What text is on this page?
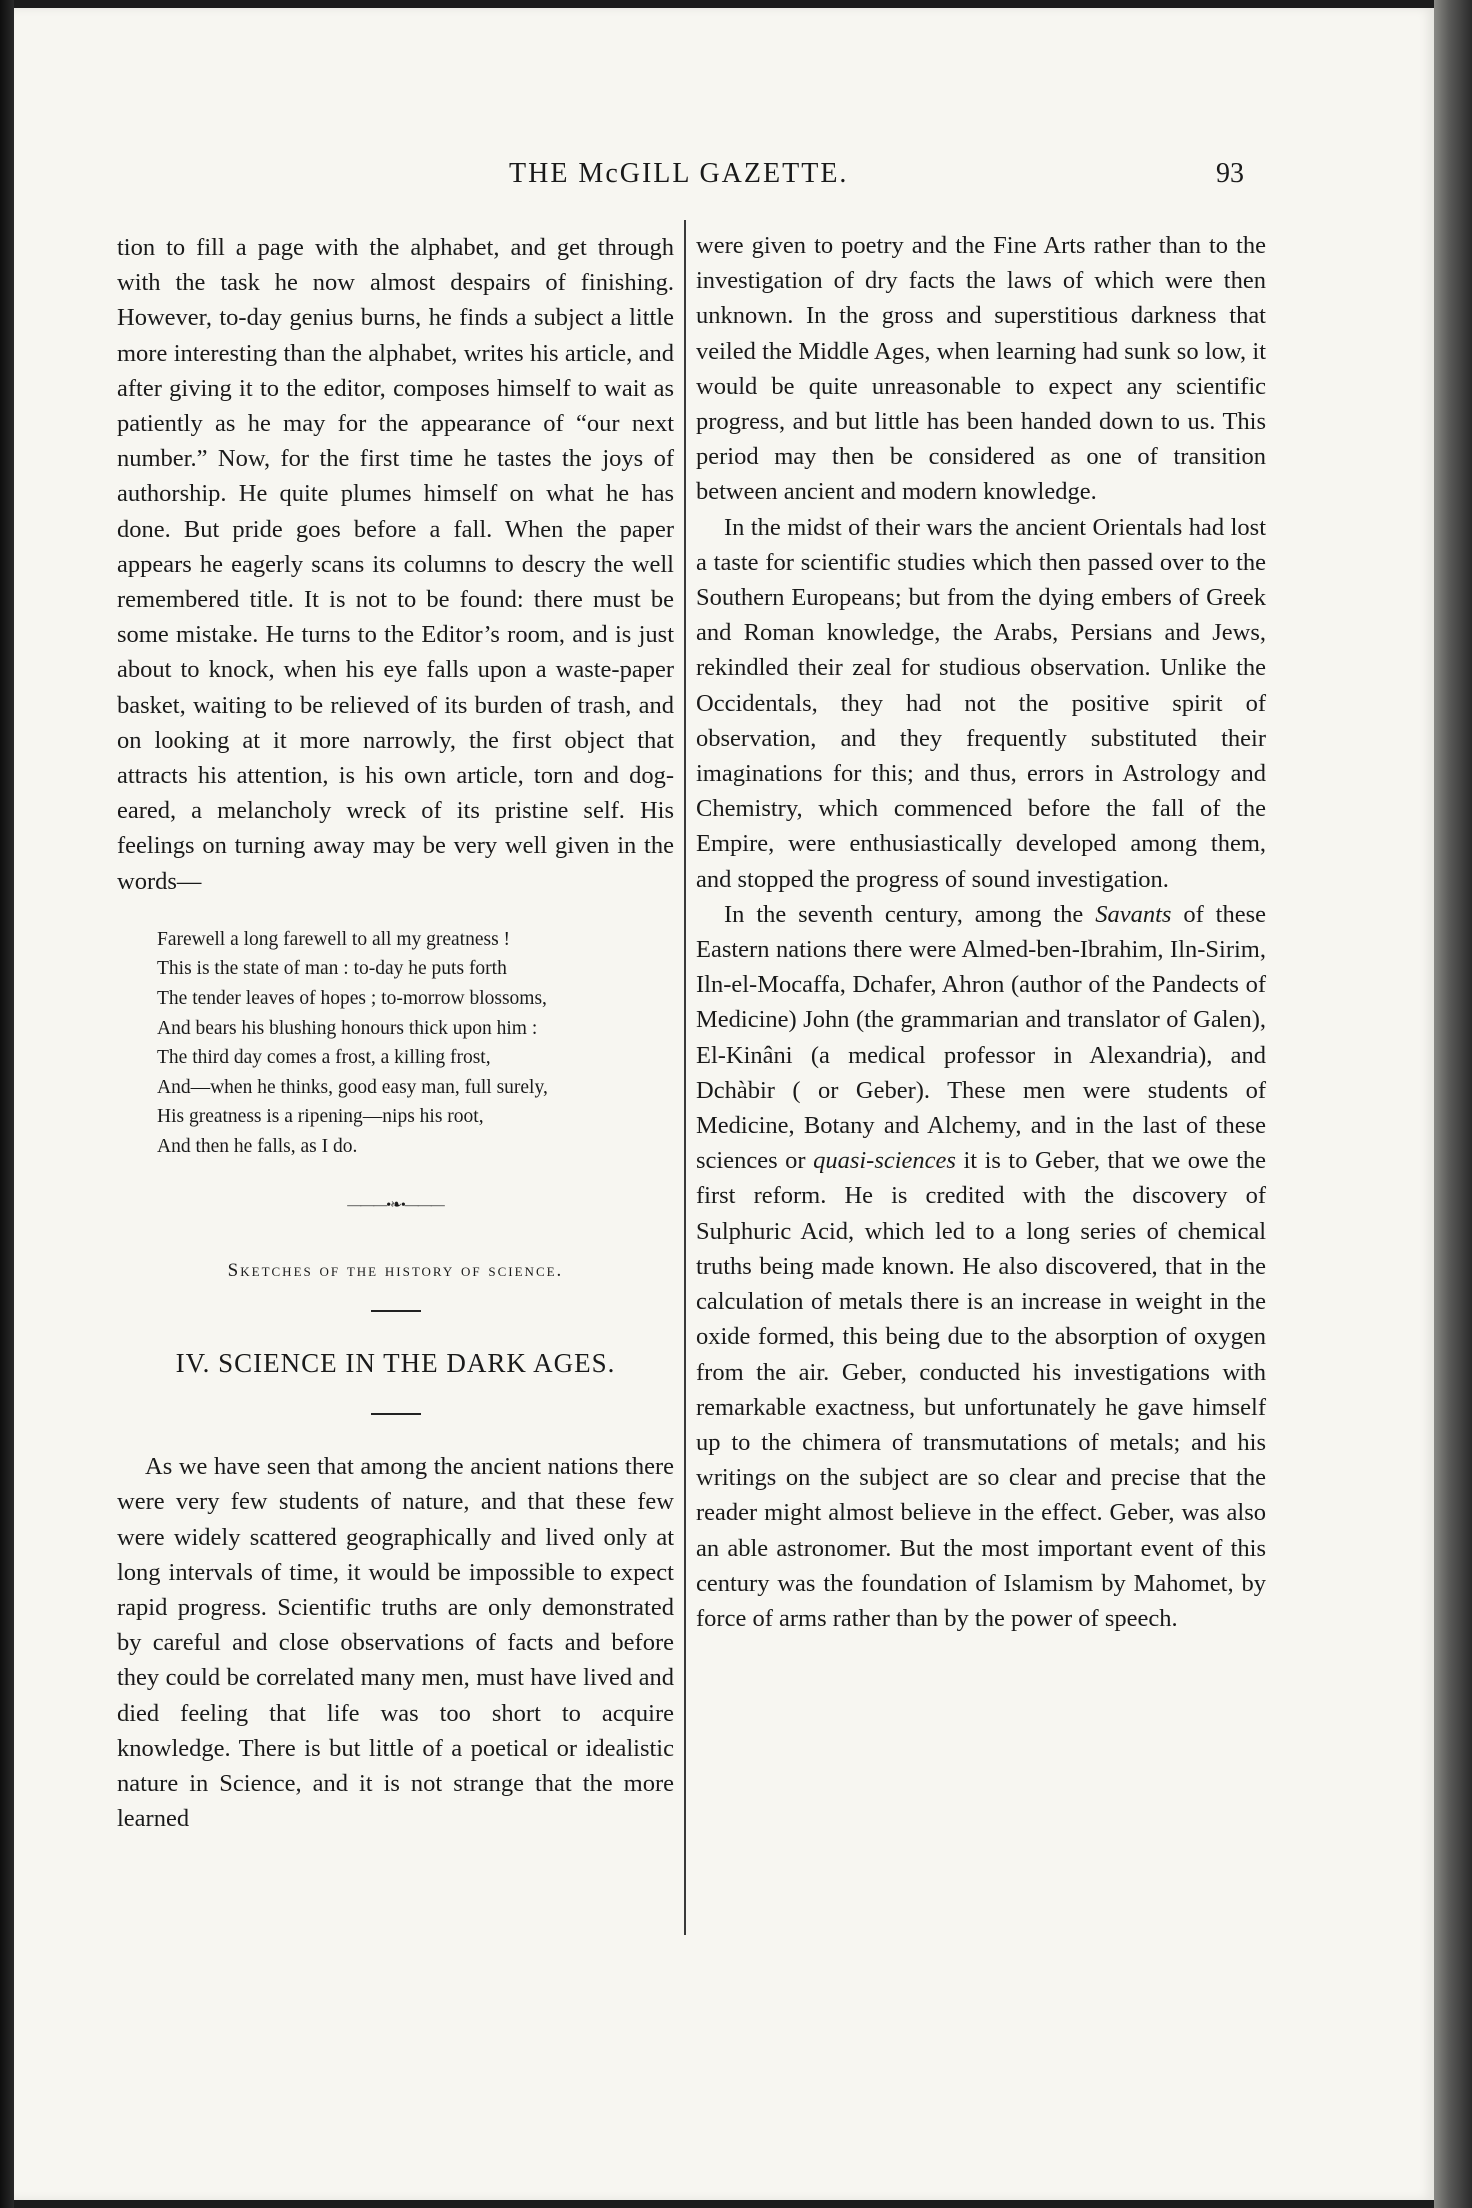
THE McGILL GAZETTE.	93

tion to fill a page with the alphabet, and get through with the task he now almost despairs of finishing. However, to-day genius burns, he finds a subject a little more interesting than the alphabet, writes his article, and after giving it to the editor, composes himself to wait as patiently as he may for the appearance of “our next number.” Now, for the first time he tastes the joys of authorship. He quite plumes himself on what he has done. But pride goes before a fall. When the paper appears he eagerly scans its columns to descry the well remembered title. It is not to be found: there must be some mistake. He turns to the Editor’s room, and is just about to knock, when his eye falls upon a waste-paper basket, waiting to be relieved of its burden of trash, and on looking at it more narrowly, the first object that attracts his attention, is his own article, torn and dog-eared, a melancholy wreck of its pristine self. His feelings on turning away may be very well given in the words—

Farewell a long farewell to all my greatness !
This is the state of man : to-day he puts forth
The tender leaves of hopes ; to-morrow blossoms,
And bears his blushing honours thick upon him :
The third day comes a frost, a killing frost,
And—when he thinks, good easy man, full surely,
His greatness is a ripening—nips his root,
And then he falls, as I do.
———•❧•———
Sketches of the history of science.
IV. SCIENCE IN THE DARK AGES.

As we have seen that among the ancient nations there were very few students of nature, and that these few were widely scattered geographically and lived only at long intervals of time, it would be impossible to expect rapid progress. Scientific truths are only demonstrated by careful and close observations of facts and before they could be correlated many men, must have lived and died feeling that life was too short to acquire knowledge. There is but little of a poetical or idealistic nature in Science, and it is not strange that the more learned

were given to poetry and the Fine Arts rather than to the investigation of dry facts the laws of which were then unknown. In the gross and superstitious darkness that veiled the Middle Ages, when learning had sunk so low, it would be quite unreasonable to expect any scientific progress, and but little has been handed down to us. This period may then be considered as one of transition between ancient and modern knowledge.

In the midst of their wars the ancient Orientals had lost a taste for scientific studies which then passed over to the Southern Europeans; but from the dying embers of Greek and Roman knowledge, the Arabs, Persians and Jews, rekindled their zeal for studious observation. Unlike the Occidentals, they had not the positive spirit of observation, and they frequently substituted their imaginations for this; and thus, errors in Astrology and Chemistry, which commenced before the fall of the Empire, were enthusiastically developed among them, and stopped the progress of sound investigation.

In the seventh century, among the Savants of these Eastern nations there were Almed-ben-Ibrahim, Iln-Sirim, Iln-el-Mocaffa, Dchafer, Ahron (author of the Pandects of Medicine) John (the grammarian and translator of Galen), El-Kinâni (a medical professor in Alexandria), and Dchàbir ( or Geber). These men were students of Medicine, Botany and Alchemy, and in the last of these sciences or quasi-sciences it is to Geber, that we owe the first reform. He is credited with the discovery of Sulphuric Acid, which led to a long series of chemical truths being made known. He also discovered, that in the calculation of metals there is an increase in weight in the oxide formed, this being due to the absorption of oxygen from the air. Geber, conducted his investigations with remarkable exactness, but unfortunately he gave himself up to the chimera of transmutations of metals; and his writings on the subject are so clear and precise that the reader might almost believe in the effect. Geber, was also an able astronomer. But the most important event of this century was the foundation of Islamism by Mahomet, by force of arms rather than by the power of speech.
